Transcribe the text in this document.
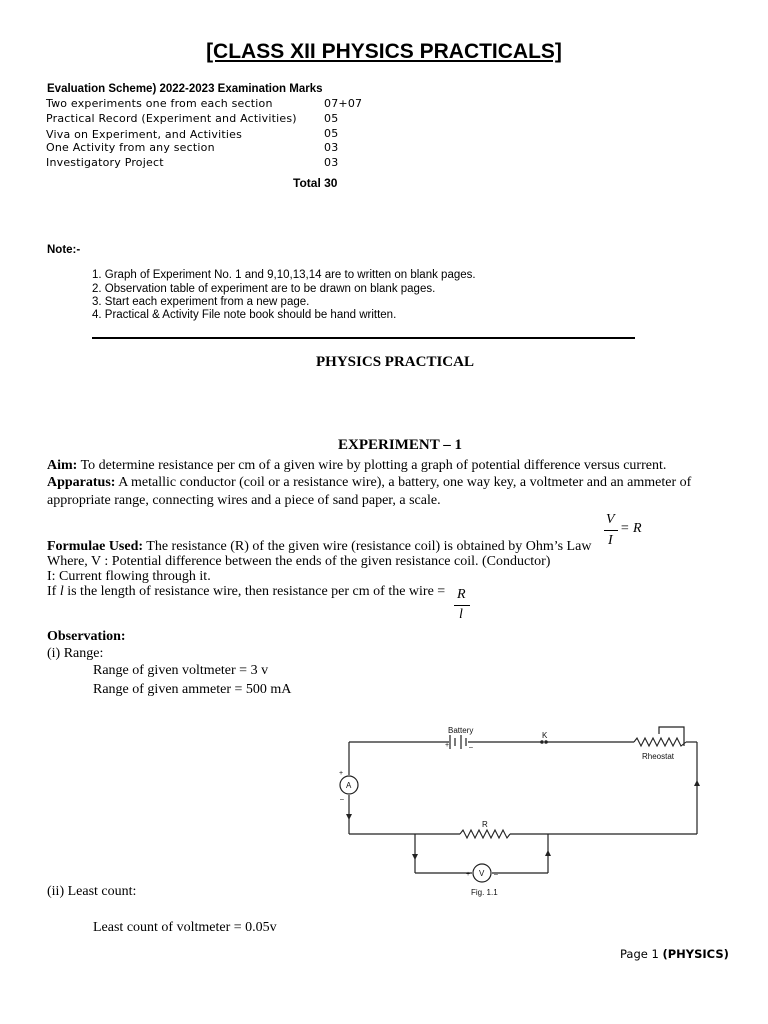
[CLASS XII PHYSICS PRACTICALS]
Evaluation Scheme) 2022-2023 Examination Marks
Two experiments one from each section	07+07
Practical Record (Experiment and Activities) 05
Viva on Experiment, and Activities	05
One Activity from any section	03
Investigatory Project	03
Total 30
Note:-
1. Graph of Experiment No. 1 and 9,10,13,14 are to written on blank pages.
2. Observation table of experiment are to be drawn on blank pages.
3. Start each experiment from a new page.
4. Practical & Activity File note book should be hand written.
PHYSICS PRACTICAL
EXPERIMENT – 1
Aim: To determine resistance per cm of a given wire by plotting a graph of potential difference versus current.
Apparatus: A metallic conductor (coil or a resistance wire), a battery, one way key, a voltmeter and an ammeter of appropriate range, connecting wires and a piece of sand paper, a scale.
V
= R
I
Formulae Used: The resistance (R) of the given wire (resistance coil) is obtained by Ohm’s Law
Where, V : Potential difference between the ends of the given resistance coil. (Conductor)
I: Current flowing through it.
If l is the length of resistance wire, then resistance per cm of the wire = R
l
Observation:
(i) Range:
Range of given voltmeter = 3 v
Range of given ammeter = 500 mA
Battery
K
Rheostat
R
A
V
+
–
+	–
+	–
Fig. 1.1
(ii) Least count:
Least count of voltmeter = 0.05v
Page 1 (PHYSICS)
